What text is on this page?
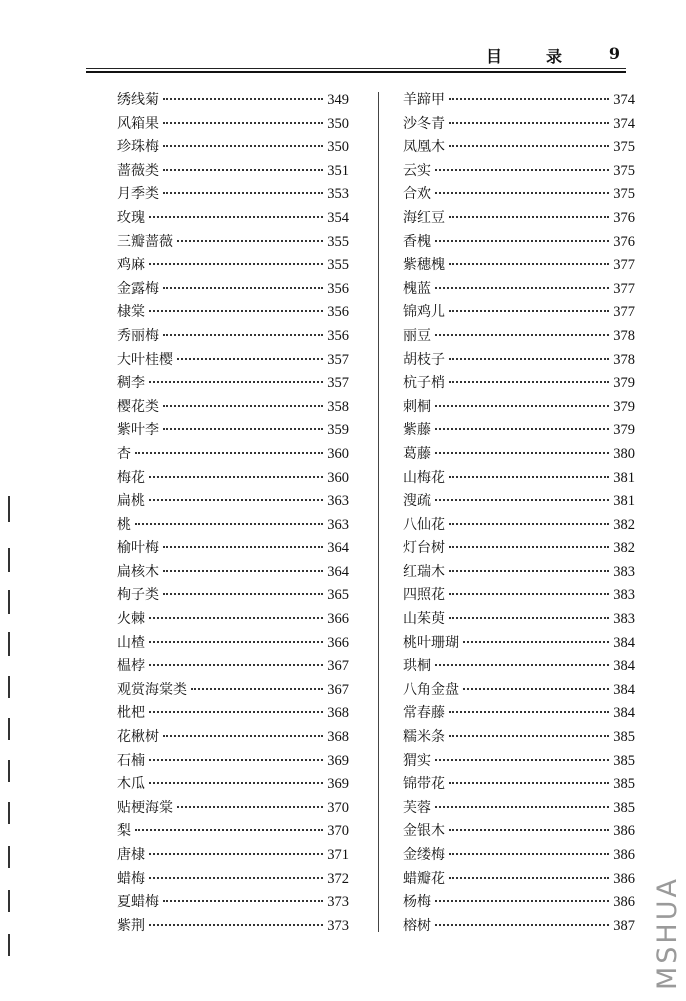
目　录 9
绣线菊	349
风箱果	350
珍珠梅	350
蔷薇类	351
月季类	353
玫瑰	354
三瓣蔷薇	355
鸡麻	355
金露梅	356
棣棠	356
秀丽梅	356
大叶桂樱	357
稠李	357
樱花类	358
紫叶李	359
杏	360
梅花	360
扁桃	363
桃	363
榆叶梅	364
扁核木	364
栒子类	365
火棘	366
山楂	366
榅桲	367
观赏海棠类	367
枇杷	368
花楸树	368
石楠	369
木瓜	369
贴梗海棠	370
梨	370
唐棣	371
蜡梅	372
夏蜡梅	373
紫荆	373
羊蹄甲	374
沙冬青	374
凤凰木	375
云实	375
合欢	375
海红豆	376
香槐	376
紫穗槐	377
槐蓝	377
锦鸡儿	377
丽豆	378
胡枝子	378
杭子梢	379
刺桐	379
紫藤	379
葛藤	380
山梅花	381
溲疏	381
八仙花	382
灯台树	382
红瑞木	383
四照花	383
山茱萸	383
桃叶珊瑚	384
珙桐	384
八角金盘	384
常春藤	384
糯米条	385
猬实	385
锦带花	385
芙蓉	385
金银木	386
金缕梅	386
蜡瓣花	386
杨梅	386
榕树	387 MSHUA
